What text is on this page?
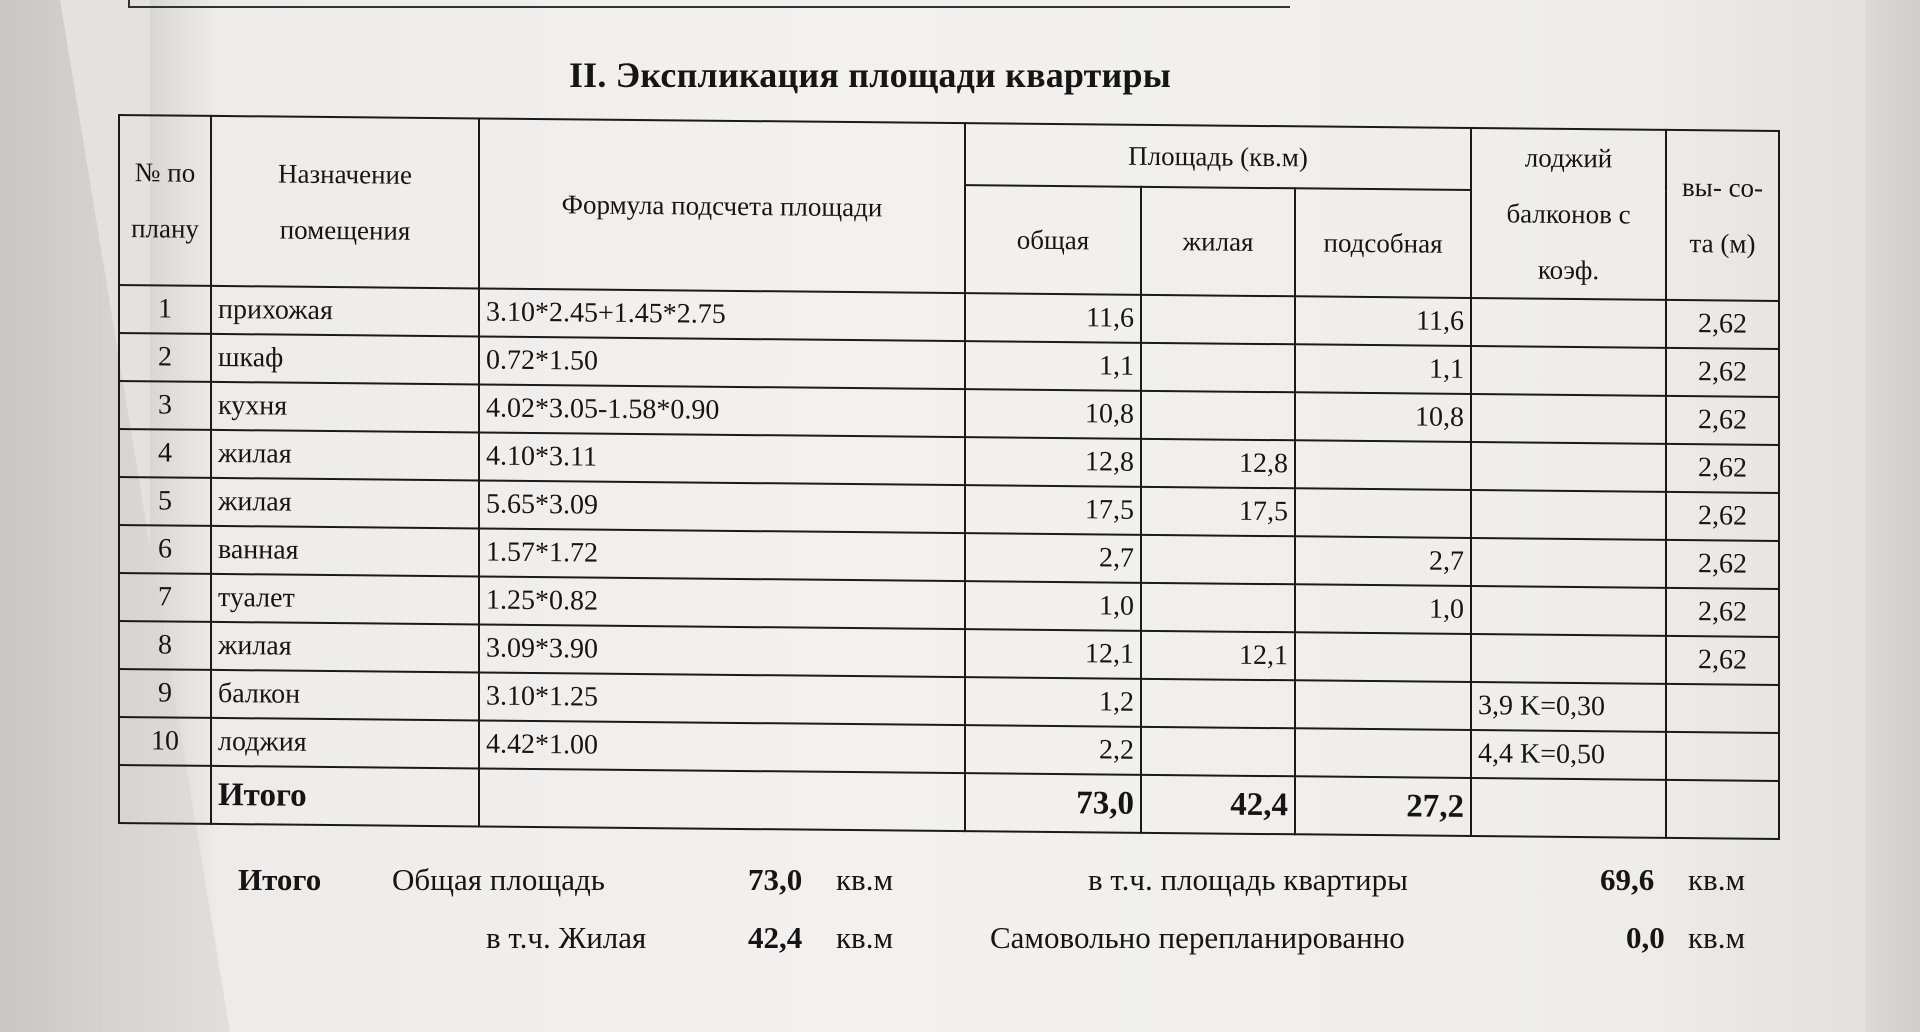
II. Экспликация площади квартиры
№ по плану	Назначение помещения	Формула подсчета площади	Площадь (кв.м)			лоджий балконов с коэф.	вы- со- та (м)
			общая	жилая	подсобная		
1	прихожая	3.10*2.45+1.45*2.75	11,6		11,6		2,62
2	шкаф	0.72*1.50	1,1		1,1		2,62
3	кухня	4.02*3.05-1.58*0.90	10,8		10,8		2,62
4	жилая	4.10*3.11	12,8	12,8			2,62
5	жилая	5.65*3.09	17,5	17,5			2,62
6	ванная	1.57*1.72	2,7		2,7		2,62
7	туалет	1.25*0.82	1,0		1,0		2,62
8	жилая	3.09*3.90	12,1	12,1			2,62
9	балкон	3.10*1.25	1,2			3,9 K=0,30	
10	лоджия	4.42*1.00	2,2			4,4 K=0,50	
	Итого		73,0	42,4	27,2		
Итого Общая площадь	73,0 кв.м	в т.ч. площадь квартиры	69,6 кв.м
в т.ч. Жилая	42,4 кв.м	Самовольно перепланированно	0,0 кв.м
